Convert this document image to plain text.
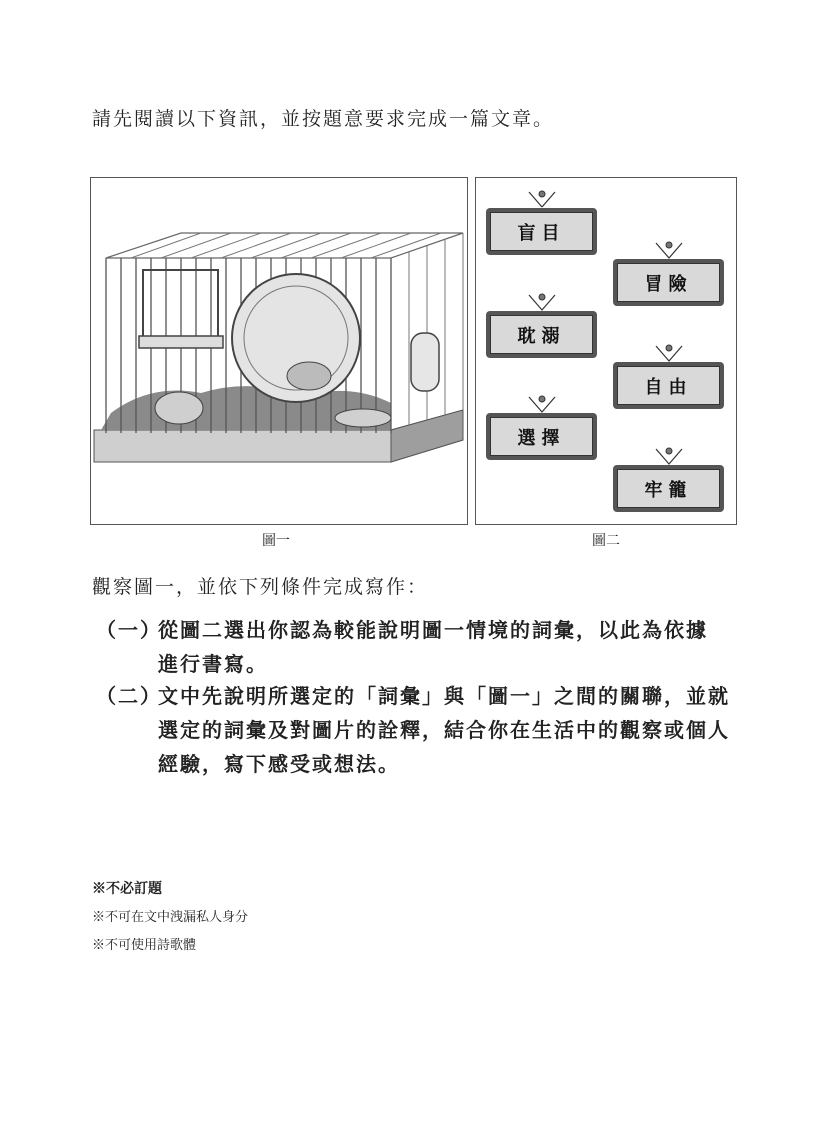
請先閱讀以下資訊，並按題意要求完成一篇文章。
圖一
盲目
冒險
耽溺
自由
選擇
牢籠
圖二
觀察圖一，並依下列條件完成寫作：
（一）
從圖二選出你認為較能說明圖一情境的詞彙，以此為依據
進行書寫。
（二）
文中先說明所選定的「詞彙」與「圖一」之間的關聯，並就
選定的詞彙及對圖片的詮釋，結合你在生活中的觀察或個人
經驗，寫下感受或想法。
※不必訂題
※不可在文中洩漏私人身分
※不可使用詩歌體
